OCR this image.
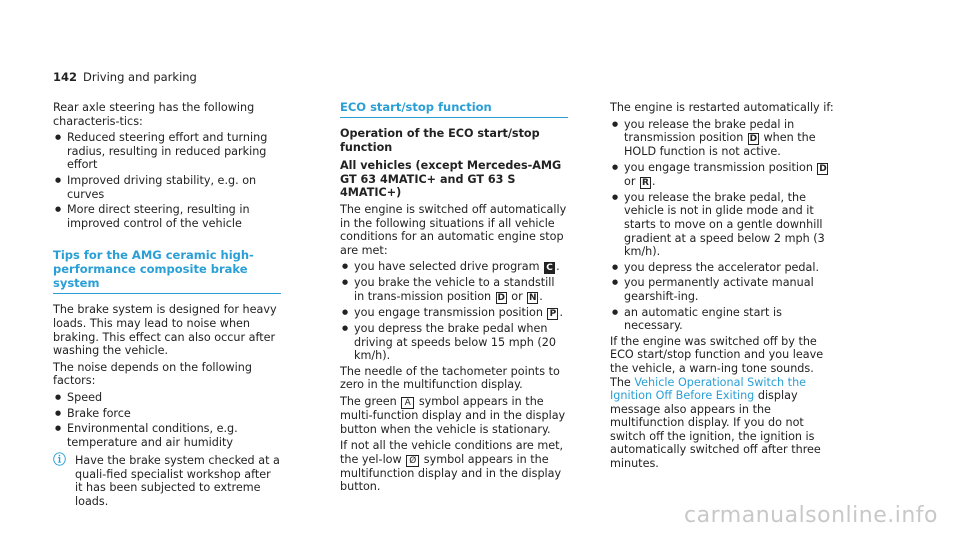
142 Driving and parking

Rear axle steering has the following characteris-tics:

● Reduced steering effort and turning radius, resulting in reduced parking effort
● Improved driving stability, e.g. on curves
● More direct steering, resulting in improved control of the vehicle
Tips for the AMG ceramic high-performance composite brake system

The brake system is designed for heavy loads. This may lead to noise when braking. This effect can also occur after washing the vehicle.

The noise depends on the following factors:

● Speed
● Brake force
● Environmental conditions, e.g. temperature and air humidity
ⓘ Have the brake system checked at a quali-fied specialist workshop after it has been subjected to extreme loads.
ECO start/stop function

Operation of the ECO start/stop function

All vehicles (except Mercedes-AMG GT 63 4MATIC+ and GT 63 S 4MATIC+)

The engine is switched off automatically in the following situations if all vehicle conditions for an automatic engine stop are met:

● you have selected drive program C .
● you brake the vehicle to a standstill in trans-mission position D or N .
● you engage transmission position P .
● you depress the brake pedal when driving at speeds below 15 mph (20 km/h).

The needle of the tachometer points to zero in the multifunction display.

The green A symbol appears in the multi-function display and in the display button when the vehicle is stationary.

If not all the vehicle conditions are met, the yel-low Ø symbol appears in the multifunction display and in the display button.

The engine is restarted automatically if:

● you release the brake pedal in transmission position D when the HOLD function is not active.
● you engage transmission position D or R .
● you release the brake pedal, the vehicle is not in glide mode and it starts to move on a gentle downhill gradient at a speed below 2 mph (3 km/h).
● you depress the accelerator pedal.
● you permanently activate manual gearshift-ing.
● an automatic engine start is necessary.

If the engine was switched off by the ECO start/stop function and you leave the vehicle, a warn-ing tone sounds. The Vehicle Operational Switch the Ignition Off Before Exiting display message also appears in the multifunction display. If you do not switch off the ignition, the ignition is automatically switched off after three minutes.

carmanualsonline.info
